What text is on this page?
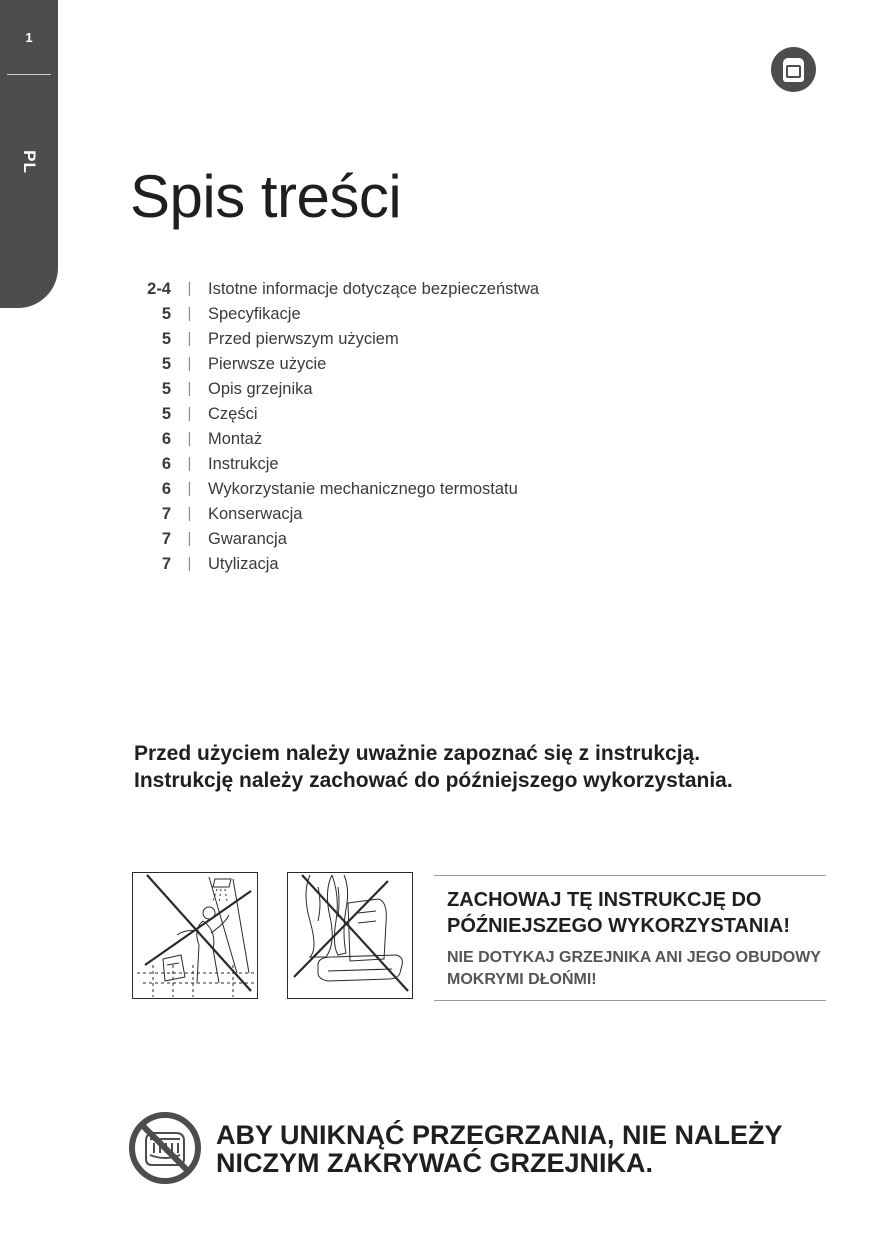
1
PL
Spis treści
2-4	|	Istotne informacje dotyczące bezpieczeństwa
5	|	Specyfikacje
5	|	Przed pierwszym użyciem
5	|	Pierwsze użycie
5	|	Opis grzejnika
5	|	Części
6	|	Montaż
6	|	Instrukcje
6	|	Wykorzystanie mechanicznego termostatu
7	|	Konserwacja
7	|	Gwarancja
7	|	Utylizacja
Przed użyciem należy uważnie zapoznać się z instrukcją.
Instrukcję należy zachować do późniejszego wykorzystania.

ZACHOWAJ TĘ INSTRUKCJĘ DO PÓŹNIEJSZEGO WYKORZYSTANIA!

NIE DOTYKAJ GRZEJNIKA ANI JEGO OBUDOWY MOKRYMI DŁOŃMI!

ABY UNIKNĄĆ PRZEGRZANIA, NIE NALEŻY
NICZYM ZAKRYWAĆ GRZEJNIKA.
